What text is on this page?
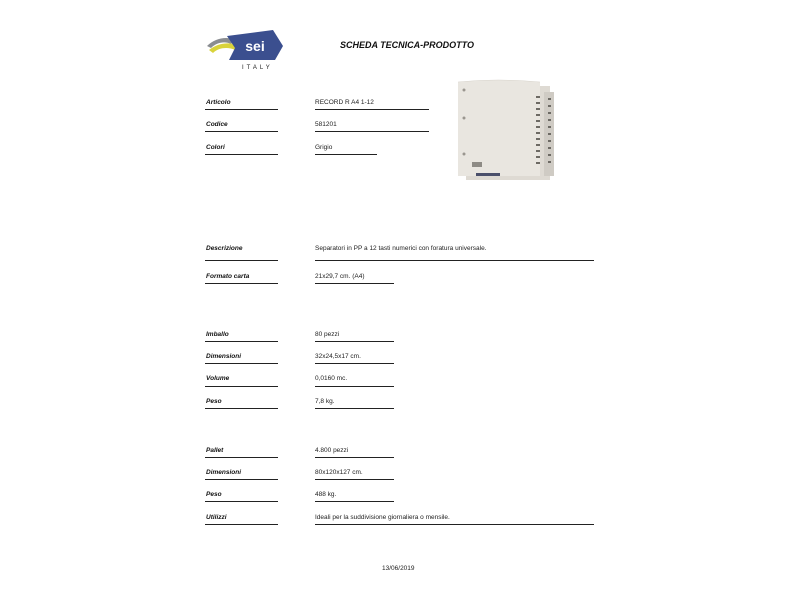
sei
ITALY
SCHEDA TECNICA-PRODOTTO
Articolo	RECORD R A4 1-12
Codice	581201
Colori	Grigio
Descrizione	Separatori in PP a 12 tasti numerici con foratura universale.
Formato carta	21x29,7 cm. (A4)
Imballo	80 pezzi
Dimensioni	32x24,5x17 cm.
Volume	0,0160 mc.
Peso	7,8 kg.
Pallet	4.800 pezzi
Dimensioni	80x120x127 cm.
Peso	488 kg.
Utilizzi	Ideali per la suddivisione giornaliera o mensile.
13/06/2019
